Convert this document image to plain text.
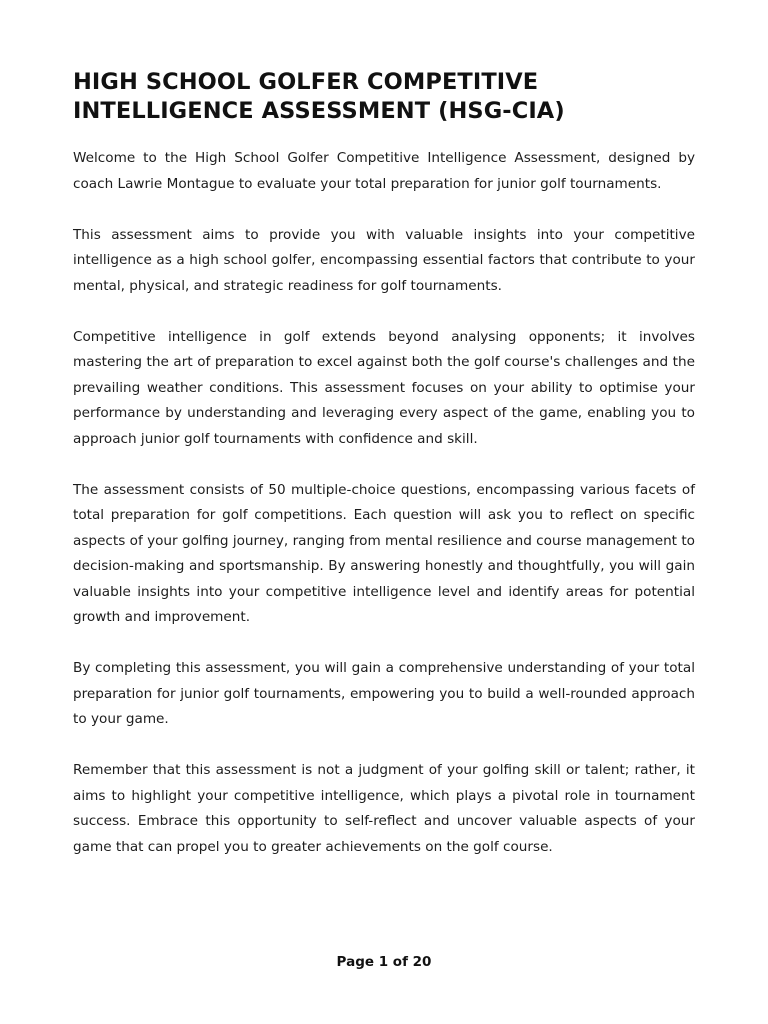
HIGH SCHOOL GOLFER COMPETITIVE INTELLIGENCE ASSESSMENT (HSG-CIA)

Welcome to the High School Golfer Competitive Intelligence Assessment, designed by coach Lawrie Montague to evaluate your total preparation for junior golf tournaments.

This assessment aims to provide you with valuable insights into your competitive intelligence as a high school golfer, encompassing essential factors that contribute to your mental, physical, and strategic readiness for golf tournaments.

Competitive intelligence in golf extends beyond analysing opponents; it involves mastering the art of preparation to excel against both the golf course's challenges and the prevailing weather conditions. This assessment focuses on your ability to optimise your performance by understanding and leveraging every aspect of the game, enabling you to approach junior golf tournaments with confidence and skill.

The assessment consists of 50 multiple-choice questions, encompassing various facets of total preparation for golf competitions. Each question will ask you to reflect on specific aspects of your golfing journey, ranging from mental resilience and course management to decision-making and sportsmanship. By answering honestly and thoughtfully, you will gain valuable insights into your competitive intelligence level and identify areas for potential growth and improvement.

By completing this assessment, you will gain a comprehensive understanding of your total preparation for junior golf tournaments, empowering you to build a well-rounded approach to your game.

Remember that this assessment is not a judgment of your golfing skill or talent; rather, it aims to highlight your competitive intelligence, which plays a pivotal role in tournament success. Embrace this opportunity to self-reflect and uncover valuable aspects of your game that can propel you to greater achievements on the golf course.

Page 1 of 20
